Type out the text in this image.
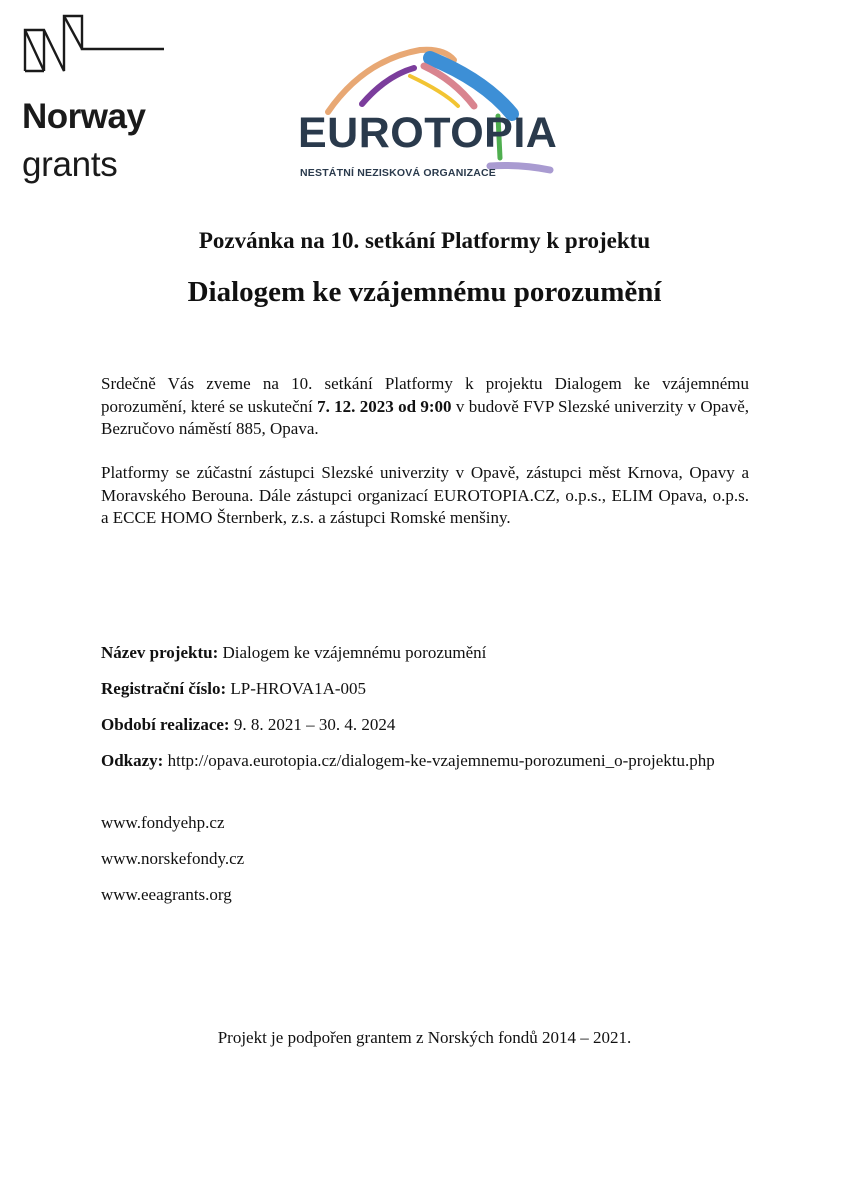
Norway
grants
EUROTOPIA
NESTÁTNÍ NEZISKOVÁ ORGANIZACE
Pozvánka na 10. setkání Platformy k projektu
Dialogem ke vzájemnému porozumění

Srdečně Vás zveme na 10. setkání Platformy k projektu Dialogem ke vzájemnému porozumění, které se uskuteční 7. 12. 2023 od 9:00 v budově FVP Slezské univerzity v Opavě, Bezručovo náměstí 885, Opava.

Platformy se zúčastní zástupci Slezské univerzity v Opavě, zástupci měst Krnova, Opavy a Moravského Berouna. Dále zástupci organizací EUROTOPIA.CZ, o.p.s., ELIM Opava, o.p.s. a ECCE HOMO Šternberk, z.s. a zástupci Romské menšiny.

Název projektu: Dialogem ke vzájemnému porozumění

Registrační číslo: LP-HROVA1A-005

Období realizace: 9. 8. 2021 – 30. 4. 2024

Odkazy: http://opava.eurotopia.cz/dialogem-ke-vzajemnemu-porozumeni_o-projektu.php

www.fondyehp.cz

www.norskefondy.cz

www.eeagrants.org

Projekt je podpořen grantem z Norských fondů 2014 – 2021.
